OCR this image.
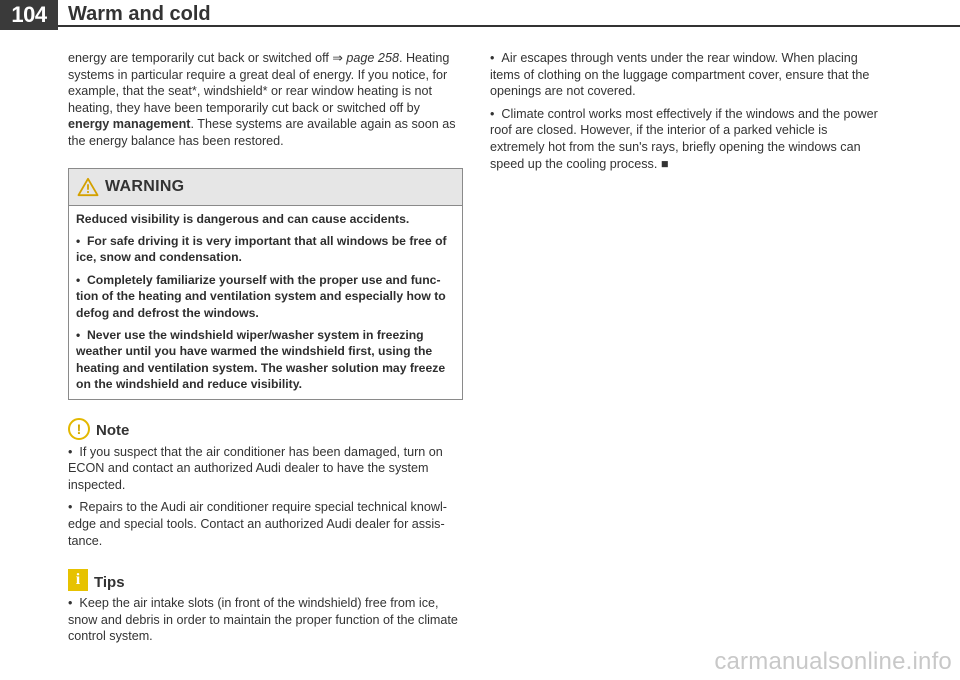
104	Warm and cold

energy are temporarily cut back or switched off ⇒ page 258. Heating systems in particular require a great deal of energy. If you notice, for example, that the seat*, windshield* or rear window heating is not heating, they have been temporarily cut back or switched off by energy management. These systems are available again as soon as the energy balance has been restored.

WARNING

Reduced visibility is dangerous and can cause accidents.

• For safe driving it is very important that all windows be free of ice, snow and condensation.

• Completely familiarize yourself with the proper use and function of the heating and ventilation system and especially how to defog and defrost the windows.

• Never use the windshield wiper/washer system in freezing weather until you have warmed the windshield first, using the heating and ventilation system. The washer solution may freeze on the windshield and reduce visibility.

! Note

• If you suspect that the air conditioner has been damaged, turn on ECON and contact an authorized Audi dealer to have the system inspected.

• Repairs to the Audi air conditioner require special technical knowledge and special tools. Contact an authorized Audi dealer for assistance.

i Tips

• Keep the air intake slots (in front of the windshield) free from ice, snow and debris in order to maintain the proper function of the climate control system.

• Air escapes through vents under the rear window. When placing items of clothing on the luggage compartment cover, ensure that the openings are not covered.

• Climate control works most effectively if the windows and the power roof are closed. However, if the interior of a parked vehicle is extremely hot from the sun's rays, briefly opening the windows can speed up the cooling process. ■

carmanualsonline.info
